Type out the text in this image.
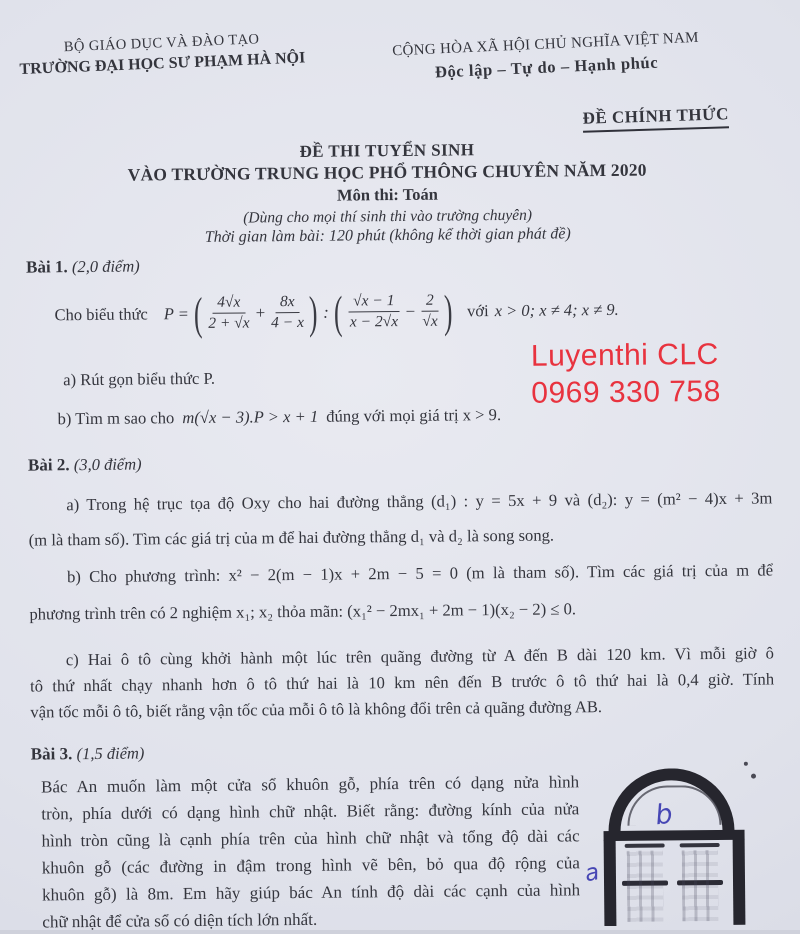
BỘ GIÁO DỤC VÀ ĐÀO TẠO
TRƯỜNG ĐẠI HỌC SƯ PHẠM HÀ NỘI
CỘNG HÒA XÃ HỘI CHỦ NGHĨA VIỆT NAM
Độc lập – Tự do – Hạnh phúc
ĐỀ CHÍNH THỨC
ĐỀ THI TUYỂN SINH
VÀO TRƯỜNG TRUNG HỌC PHỔ THÔNG CHUYÊN NĂM 2020
Môn thi: Toán
(Dùng cho mọi thí sinh thi vào trường chuyên)
Thời gian làm bài: 120 phút (không kể thời gian phát đề)
Bài 1. (2,0 điểm)
Cho biểu thức P = ( $\frac{4√x}{2 + √x} + \frac{8x}{4 - x}$ ) : ( $\frac{√x - 1}{x - 2√x} - \frac{2}{√x}$ ) với x > 0; x ≠ 4; x ≠ 9.
a) Rút gọn biểu thức P.
b) Tìm m sao cho m(√x − 3).P > x + 1 đúng với mọi giá trị x > 9.
Luyenthi CLC
0969 330 758
Bài 2. (3,0 điểm)
a) Trong hệ trục tọa độ Oxy cho hai đường thẳng (d₁) : y = 5x + 9 và (d₂): y = (m² − 4)x + 3m
(m là tham số). Tìm các giá trị của m để hai đường thẳng d₁ và d₂ là song song.
b) Cho phương trình: x² − 2(m − 1)x + 2m − 5 = 0 (m là tham số). Tìm các giá trị của m để
phương trình trên có 2 nghiệm x₁; x₂ thỏa mãn: (x₁² − 2mx₁ + 2m − 1)(x₂ − 2) ≤ 0.
c) Hai ô tô cùng khởi hành một lúc trên quãng đường từ A đến B dài 120 km. Vì mỗi giờ ô
tô thứ nhất chạy nhanh hơn ô tô thứ hai là 10 km nên đến B trước ô tô thứ hai là 0,4 giờ. Tính
vận tốc mỗi ô tô, biết rằng vận tốc của mỗi ô tô là không đổi trên cả quãng đường AB.
Bài 3. (1,5 điểm)
Bác An muốn làm một cửa sổ khuôn gỗ, phía trên có dạng nửa hình
tròn, phía dưới có dạng hình chữ nhật. Biết rằng: đường kính của nửa
hình tròn cũng là cạnh phía trên của hình chữ nhật và tổng độ dài các
khuôn gỗ (các đường in đậm trong hình vẽ bên, bỏ qua độ rộng của
khuôn gỗ) là 8m. Em hãy giúp bác An tính độ dài các cạnh của hình
chữ nhật để cửa sổ có diện tích lớn nhất.
b
a
